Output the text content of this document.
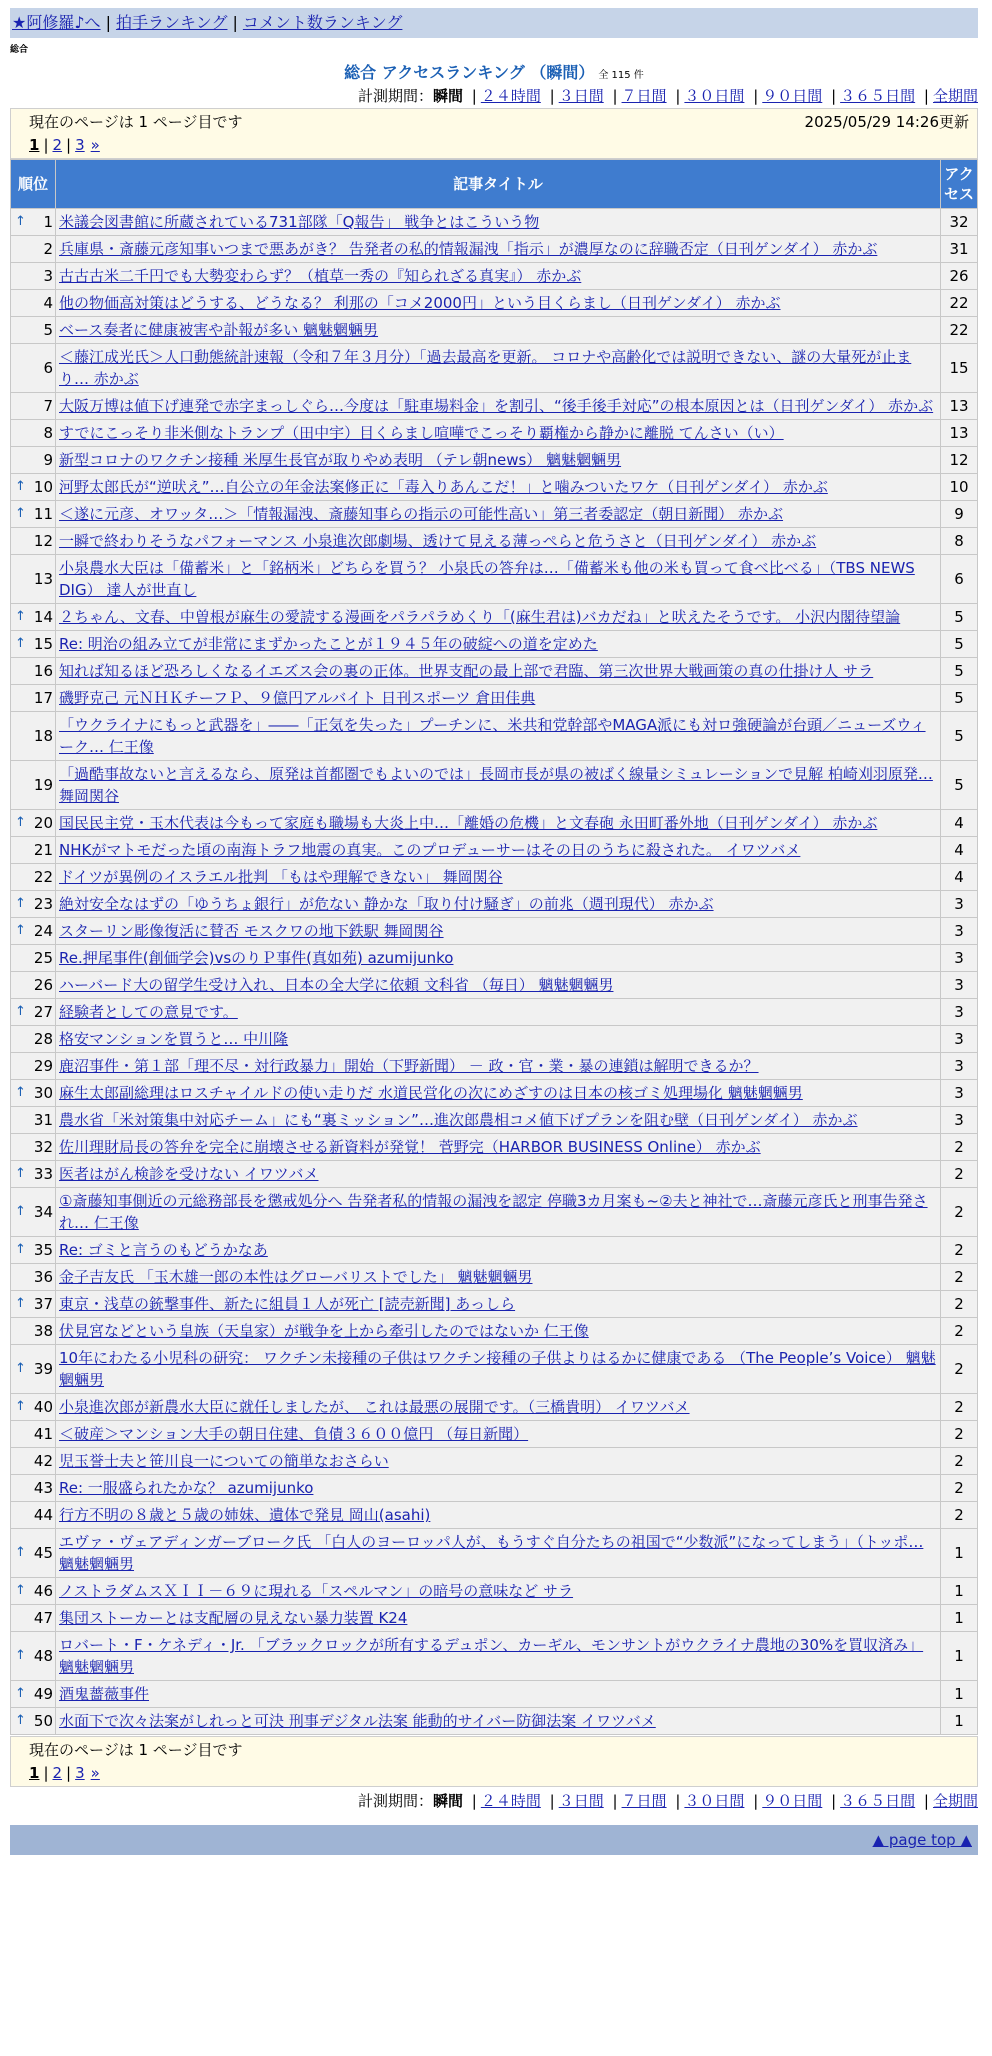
★阿修羅♪へ | 拍手ランキング | コメント数ランキング
総合
総合 アクセスランキング （瞬間） 全 115 件
計測期間：瞬間 | ２４時間 | ３日間 | ７日間 | ３０日間 | ９０日間 | ３６５日間 | 全期間
現在のページは 1 ページ目です	2025/05/29 14:26更新
1 | 2 | 3 »
順位	記事タイトル	アクセス

↑ 1	米議会図書館に所蔵されている731部隊「Q報告」 戦争とはこういう物	32
2	兵庫県・斎藤元彦知事いつまで悪あがき？ 告発者の私的情報漏洩「指示」が濃厚なのに辞職否定（日刊ゲンダイ） 赤かぶ	31
3	古古古米二千円でも大勢変わらず？（植草一秀の『知られざる真実』） 赤かぶ	26
4	他の物価高対策はどうする、どうなる？ 利那の「コメ2000円」という目くらまし（日刊ゲンダイ） 赤かぶ	22
5	ベース奏者に健康被害や訃報が多い 魑魅魍魎男	22
6	＜藤江成光氏＞人口動態統計速報（令和７年３月分）「過去最高を更新。 コロナや高齢化では説明できない、謎の大量死が止まり… 赤かぶ	15
7	大阪万博は値下げ連発で赤字まっしぐら…今度は「駐車場料金」を割引、“後手後手対応”の根本原因とは（日刊ゲンダイ） 赤かぶ	13
8	すでにこっそり非米側なトランプ（田中宇）目くらまし喧嘩でこっそり覇権から静かに離脱 てんさい（い）	13
9	新型コロナのワクチン接種 米厚生長官が取りやめ表明 （テレ朝news） 魑魅魍魎男	12

↑ 10	河野太郎氏が“逆吠え”…自公立の年金法案修正に「毒入りあんこだ！」と噛みついたワケ（日刊ゲンダイ） 赤かぶ	10

↑ 11	＜遂に元彦、オワッタ…＞「情報漏洩、斎藤知事らの指示の可能性高い」第三者委認定（朝日新聞） 赤かぶ	9
12	一瞬で終わりそうなパフォーマンス 小泉進次郎劇場、透けて見える薄っぺらと危うさと（日刊ゲンダイ） 赤かぶ	8
13	小泉農水大臣は「備蓄米」と「銘柄米」どちらを買う？ 小泉氏の答弁は…「備蓄米も他の米も買って食べ比べる」（TBS NEWS DIG） 達人が世直し	6

↑ 14	２ちゃん、文春、中曽根が麻生の愛読する漫画をパラパラめくり「(麻生君は)バカだね」と吠えたそうです。 小沢内閣待望論	5

↑ 15	Re: 明治の組み立てが非常にまずかったことが１９４５年の破綻への道を定めた	5
16	知れば知るほど恐ろしくなるイエズス会の裏の正体。世界支配の最上部で君臨、第三次世界大戦画策の真の仕掛け人 サラ	5
17	磯野克己 元ＮＨＫチーフＰ、９億円アルバイト 日刊スポーツ 倉田佳典	5
18	「ウクライナにもっと武器を」――「正気を失った」プーチンに、米共和党幹部やMAGA派にも対ロ強硬論が台頭／ニューズウィーク… 仁王像	5
19	「過酷事故ないと言えるなら、原発は首都圏でもよいのでは」長岡市長が県の被ばく線量シミュレーションで見解 柏崎刈羽原発… 舞岡関谷	5

↑ 20	国民民主党・玉木代表は今もって家庭も職場も大炎上中…「離婚の危機」と文春砲 永田町番外地（日刊ゲンダイ） 赤かぶ	4
21	NHKがマトモだった頃の南海トラフ地震の真実。このプロデューサーはその日のうちに殺された。 イワツバメ	4
22	ドイツが異例のイスラエル批判 「もはや理解できない」 舞岡関谷	4

↑ 23	絶対安全なはずの「ゆうちょ銀行」が危ない 静かな「取り付け騒ぎ」の前兆（週刊現代） 赤かぶ	3

↑ 24	スターリン彫像復活に賛否 モスクワの地下鉄駅 舞岡関谷	3
25	Re.押尾事件(創価学会)vsのりＰ事件(真如苑) azumijunko	3
26	ハーバード大の留学生受け入れ、日本の全大学に依頼 文科省 （毎日） 魑魅魍魎男	3

↑ 27	経験者としての意見です。	3
28	格安マンションを買うと… 中川隆	3
29	鹿沼事件・第１部「理不尽・対行政暴力」開始（下野新聞） － 政・官・業・暴の連鎖は解明できるか？	3

↑ 30	麻生太郎副総理はロスチャイルドの使い走りだ 水道民営化の次にめざすのは日本の核ゴミ処理場化 魑魅魍魎男	3
31	農水省「米対策集中対応チーム」にも“裏ミッション”…進次郎農相コメ値下げプランを阻む壁（日刊ゲンダイ） 赤かぶ	3
32	佐川理財局長の答弁を完全に崩壊させる新資料が発覚！ 菅野完（HARBOR BUSINESS Online） 赤かぶ	2

↑ 33	医者はがん検診を受けない イワツバメ	2

↑ 34	①斎藤知事側近の元総務部長を懲戒処分へ 告発者私的情報の漏洩を認定 停職3カ月案も~②夫と神社で…斎藤元彦氏と刑事告発され… 仁王像	2

↑ 35	Re: ゴミと言うのもどうかなあ	2
36	金子吉友氏 「玉木雄一郎の本性はグローバリストでした」 魑魅魍魎男	2

↑ 37	東京・浅草の銃撃事件、新たに組員１人が死亡 [読売新聞] あっしら	2
38	伏見宮などという皇族（天皇家）が戦争を上から牽引したのではないか 仁王像	2

↑ 39	10年にわたる小児科の研究： ワクチン未接種の子供はワクチン接種の子供よりはるかに健康である （The People’s Voice） 魑魅魍魎男	2

↑ 40	小泉進次郎が新農水大臣に就任しましたが、 これは最悪の展開です。（三橋貴明） イワツバメ	2
41	＜破産＞マンション大手の朝日住建、負債３６００億円 （毎日新聞）	2
42	児玉誉士夫と笹川良一についての簡単なおさらい	2
43	Re: 一服盛られたかな？ azumijunko	2
44	行方不明の８歳と５歳の姉妹、遺体で発見 岡山(asahi)	2

↑ 45	エヴァ・ヴェアディンガーブローク氏 「白人のヨーロッパ人が、もうすぐ自分たちの祖国で“少数派”になってしまう」（トッポ… 魑魅魍魎男	1

↑ 46	ノストラダムスＸＩＩ－６９に現れる「スペルマン」の暗号の意味など サラ	1
47	集団ストーカーとは支配層の見えない暴力装置 K24	1

↑ 48	ロバート・F・ケネディ・Jr. 「ブラックロックが所有するデュポン、カーギル、モンサントがウクライナ農地の30%を買収済み」 魑魅魍魎男	1

↑ 49	酒鬼薔薇事件	1

↑ 50	水面下で次々法案がしれっと可決 刑事デジタル法案 能動的サイバー防御法案 イワツバメ	1
現在のページは 1 ページ目です
1 | 2 | 3 »
計測期間：瞬間 | ２４時間 | ３日間 | ７日間 | ３０日間 | ９０日間 | ３６５日間 | 全期間
▲ page top ▲
